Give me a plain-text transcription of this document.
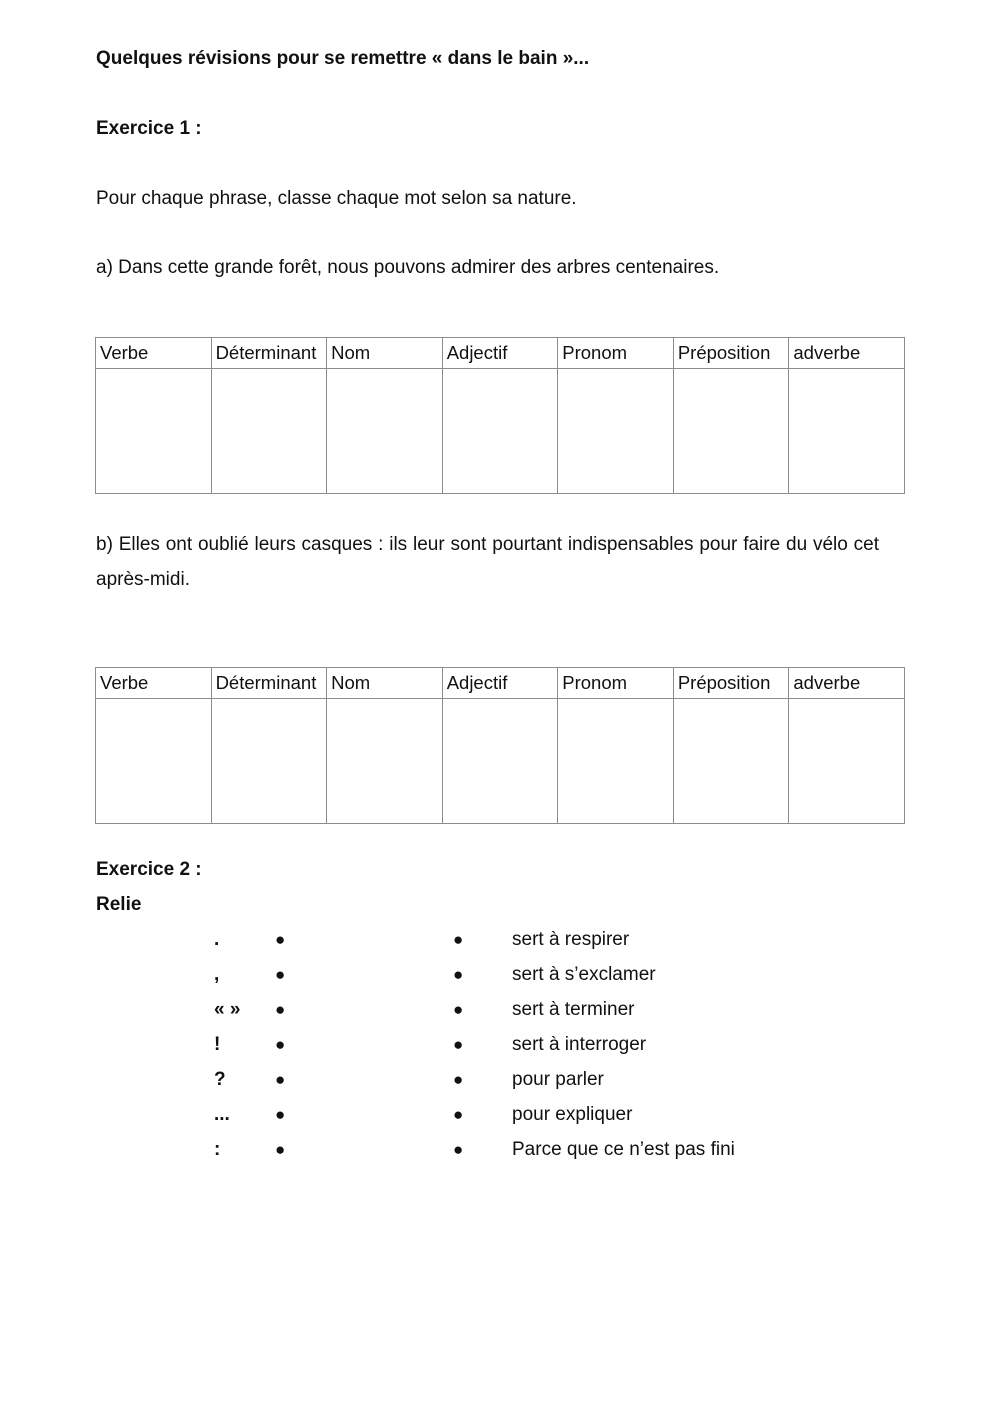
Quelques révisions pour se remettre « dans le bain »...
Exercice 1 :
Pour chaque phrase, classe chaque mot selon sa nature.
a) Dans cette grande forêt, nous pouvons admirer des arbres centenaires.
Verbe	Déterminant	Nom	Adjectif	Pronom	Préposition	adverbe

b) Elles ont oublié leurs casques : ils leur sont pourtant indispensables pour faire du vélo cet après-midi.
Verbe	Déterminant	Nom	Adjectif	Pronom	Préposition	adverbe

Exercice 2 :
Relie
.	●	●	sert à respirer
,	●	●	sert à s’exclamer
« » ●	●	sert à terminer
!	●	●	sert à interroger
?	●	●	pour parler
...	●	●	pour expliquer
:	●	●	Parce que ce n’est pas fini
